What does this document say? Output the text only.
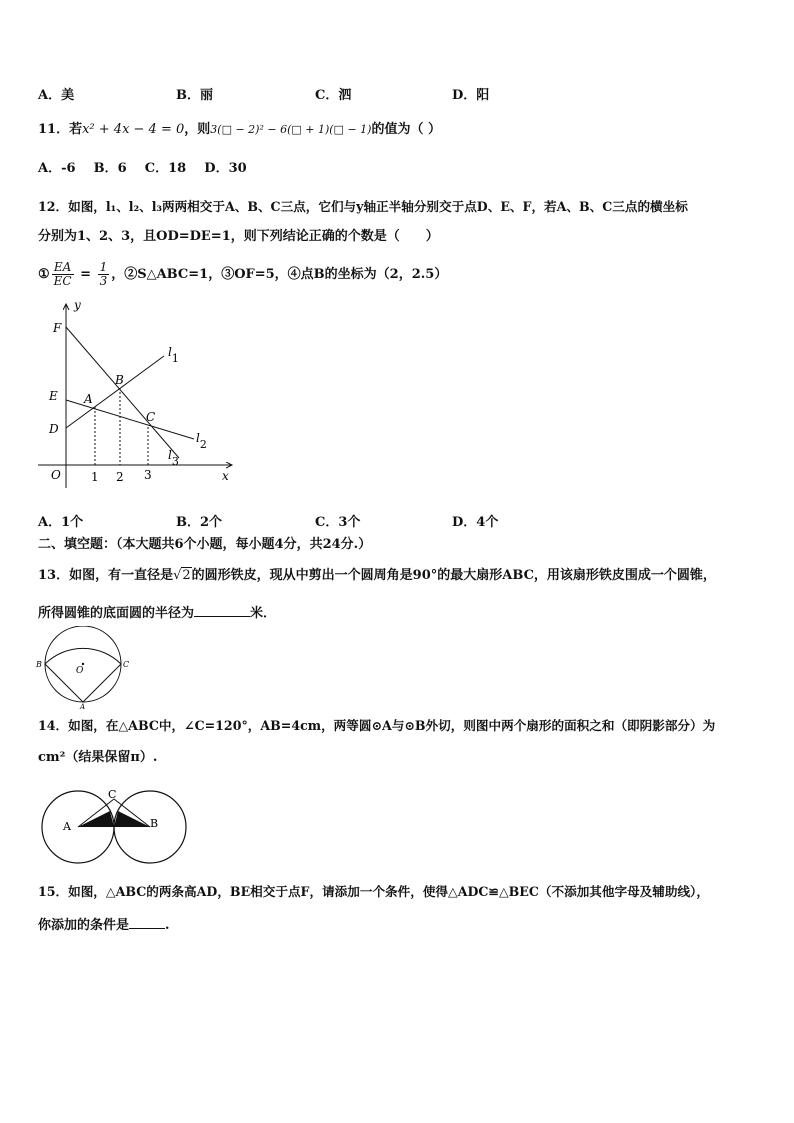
A．美	B．丽	C．泗	D．阳
11．若x² + 4x − 4 = 0，则3(□ − 2)² − 6(□ + 1)(□ − 1)的值为（ ）
A．-6    B．6    C．18    D．30
12．如图，l₁、l₂、l₃两两相交于A、B、C三点，它们与y轴正半轴分别交于点D、E、F，若A、B、C三点的横坐标
分别为1、2、3，且OD=DE=1，则下列结论正确的个数是（　　）
① $\frac{EA}{EC} = \frac{1}{3}$ ，②S△ABC=1，③OF=5，④点B的坐标为（2，2.5）
y
x
O
F
E
D
A
B
C
l1
l2
l3
1 2 3
A．1个	B．2个	C．3个	D．4个
二、填空题：（本大题共6个小题，每小题4分，共24分.）
13．如图，有一直径是√2的圆形铁皮，现从中剪出一个圆周角是90°的最大扇形ABC，用该扇形铁皮围成一个圆锥，
所得圆锥的底面圆的半径为	米．
B	C
O
A
14．如图，在△ABC中，∠C=120°，AB=4cm，两等圆⊙A与⊙B外切，则图中两个扇形的面积之和（即阴影部分）为
cm²（结果保留π）.
A	B
C
15．如图，△ABC的两条高AD，BE相交于点F，请添加一个条件，使得△ADC≌△BEC（不添加其他字母及辅助线），
你添加的条件是	.
